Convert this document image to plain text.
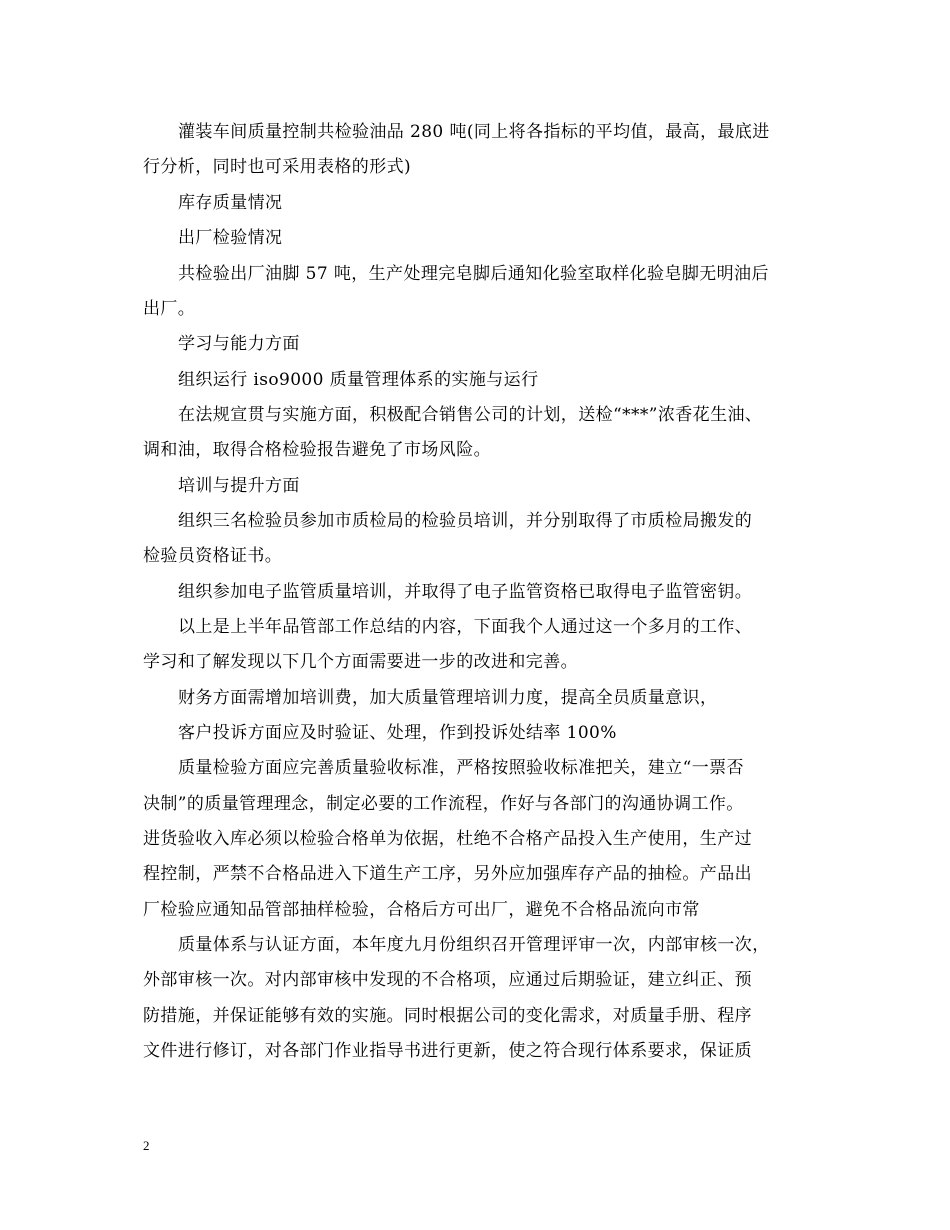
灌装车间质量控制共检验油品 280 吨(同上将各指标的平均值，最高，最底进

行分析，同时也可采用表格的形式)

库存质量情况

出厂检验情况

共检验出厂油脚 57 吨，生产处理完皂脚后通知化验室取样化验皂脚无明油后

出厂。

学习与能力方面

组织运行 iso9000 质量管理体系的实施与运行

在法规宣贯与实施方面，积极配合销售公司的计划，送检“***”浓香花生油、

调和油，取得合格检验报告避免了市场风险。

培训与提升方面

组织三名检验员参加市质检局的检验员培训，并分别取得了市质检局搬发的

检验员资格证书。

组织参加电子监管质量培训，并取得了电子监管资格已取得电子监管密钥。

以上是上半年品管部工作总结的内容，下面我个人通过这一个多月的工作、

学习和了解发现以下几个方面需要进一步的改进和完善。

财务方面需增加培训费，加大质量管理培训力度，提高全员质量意识，

客户投诉方面应及时验证、处理，作到投诉处结率 100%

质量检验方面应完善质量验收标准，严格按照验收标准把关，建立“一票否

决制”的质量管理理念，制定必要的工作流程，作好与各部门的沟通协调工作。

进货验收入库必须以检验合格单为依据，杜绝不合格产品投入生产使用，生产过

程控制，严禁不合格品进入下道生产工序，另外应加强库存产品的抽检。产品出

厂检验应通知品管部抽样检验，合格后方可出厂，避免不合格品流向市常

质量体系与认证方面，本年度九月份组织召开管理评审一次，内部审核一次，

外部审核一次。对内部审核中发现的不合格项，应通过后期验证，建立纠正、预

防措施，并保证能够有效的实施。同时根据公司的变化需求，对质量手册、程序

文件进行修订，对各部门作业指导书进行更新，使之符合现行体系要求，保证质

2
